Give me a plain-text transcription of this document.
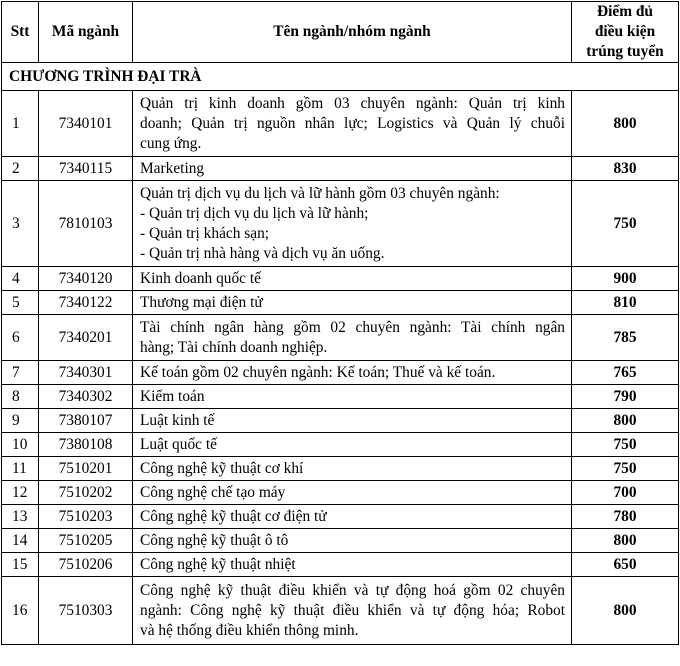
Stt	Mã ngành	Tên ngành/nhóm ngành	Điểm đủ
điều kiện
trúng tuyển

CHƯƠNG TRÌNH ĐẠI TRÀ			
1	7340101	Quản trị kinh doanh gồm 03 chuyên ngành: Quản trị kinh
doanh; Quản trị nguồn nhân lực; Logistics và Quản lý chuỗi
cung ứng.	800
2	7340115	Marketing	830
3	7810103	Quản trị dịch vụ du lịch và lữ hành gồm 03 chuyên ngành:
- Quản trị dịch vụ du lịch và lữ hành;
- Quản trị khách sạn;
- Quản trị nhà hàng và dịch vụ ăn uống.	750
4	7340120	Kinh doanh quốc tế	900
5	7340122	Thương mại điện tử	810
6	7340201	Tài chính ngân hàng gồm 02 chuyên ngành: Tài chính ngân
hàng; Tài chính doanh nghiệp.	785
7	7340301	Kế toán gồm 02 chuyên ngành: Kế toán; Thuế và kế toán.	765
8	7340302	Kiểm toán	790
9	7380107	Luật kinh tế	800
10	7380108	Luật quốc tế	750
11	7510201	Công nghệ kỹ thuật cơ khí	750
12	7510202	Công nghệ chế tạo máy	700
13	7510203	Công nghệ kỹ thuật cơ điện tử	780
14	7510205	Công nghệ kỹ thuật ô tô	800
15	7510206	Công nghệ kỹ thuật nhiệt	650
16	7510303	Công nghệ kỹ thuật điều khiển và tự động hoá gồm 02 chuyên
ngành: Công nghệ kỹ thuật điều khiển và tự động hóa; Robot
và hệ thống điều khiển thông minh.	800
